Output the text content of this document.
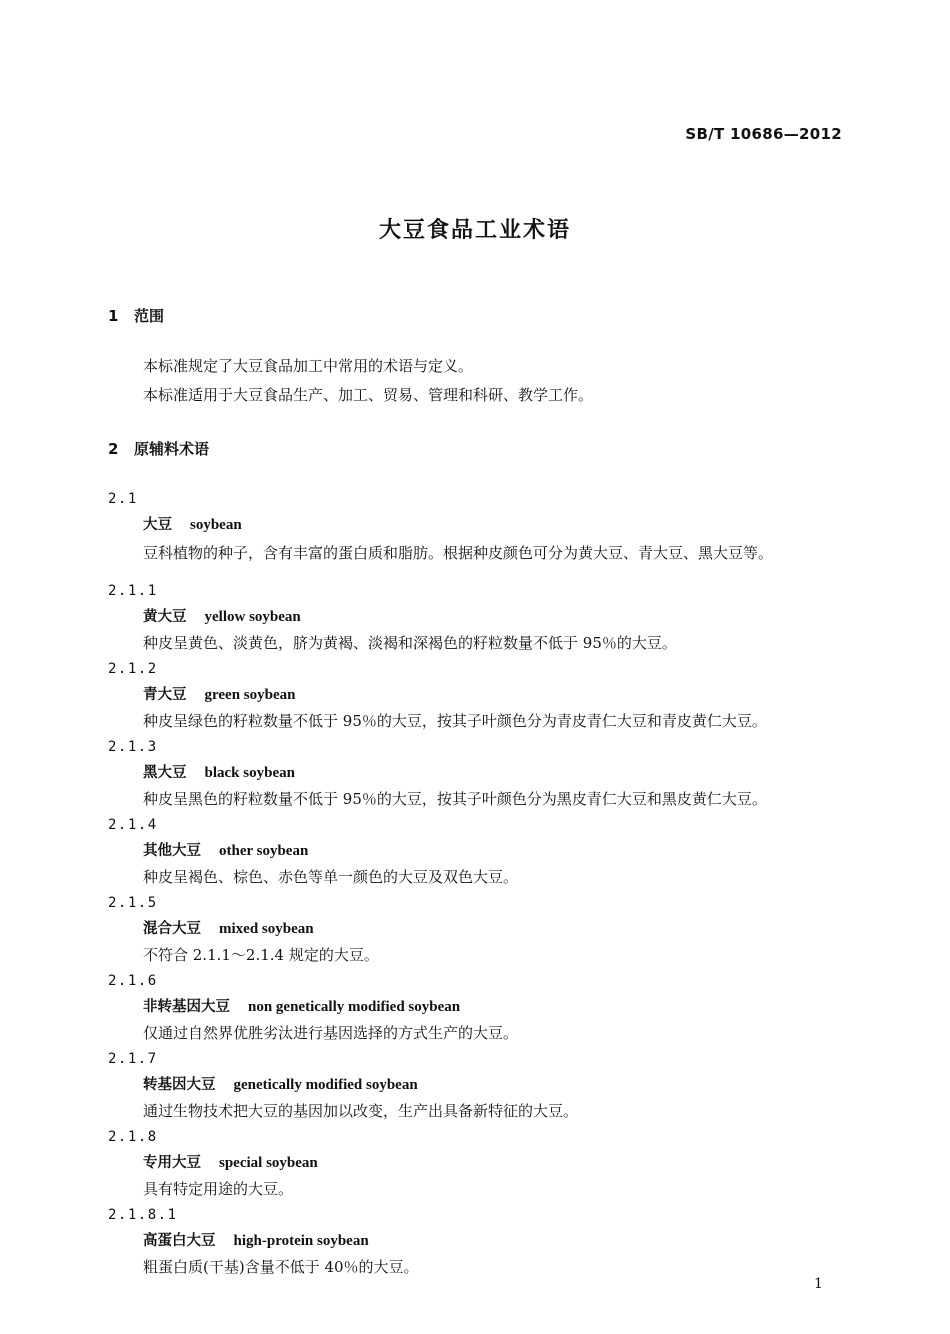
SB/T 10686—2012
大豆食品工业术语
1 范围
本标准规定了大豆食品加工中常用的术语与定义。
本标准适用于大豆食品生产、加工、贸易、管理和科研、教学工作。
2 原辅料术语
2.1
大豆 soybean
豆科植物的种子，含有丰富的蛋白质和脂肪。根据种皮颜色可分为黄大豆、青大豆、黑大豆等。
2.1.1
黄大豆 yellow soybean
种皮呈黄色、淡黄色，脐为黄褐、淡褐和深褐色的籽粒数量不低于 95％的大豆。
2.1.2
青大豆 green soybean
种皮呈绿色的籽粒数量不低于 95％的大豆，按其子叶颜色分为青皮青仁大豆和青皮黄仁大豆。
2.1.3
黑大豆 black soybean
种皮呈黑色的籽粒数量不低于 95％的大豆，按其子叶颜色分为黑皮青仁大豆和黑皮黄仁大豆。
2.1.4
其他大豆 other soybean
种皮呈褐色、棕色、赤色等单一颜色的大豆及双色大豆。
2.1.5
混合大豆 mixed soybean
不符合 2.1.1～2.1.4 规定的大豆。
2.1.6
非转基因大豆 non genetically modified soybean
仅通过自然界优胜劣汰进行基因选择的方式生产的大豆。
2.1.7
转基因大豆 genetically modified soybean
通过生物技术把大豆的基因加以改变，生产出具备新特征的大豆。
2.1.8
专用大豆 special soybean
具有特定用途的大豆。
2.1.8.1
高蛋白大豆 high-protein soybean
粗蛋白质(干基)含量不低于 40％的大豆。
1
